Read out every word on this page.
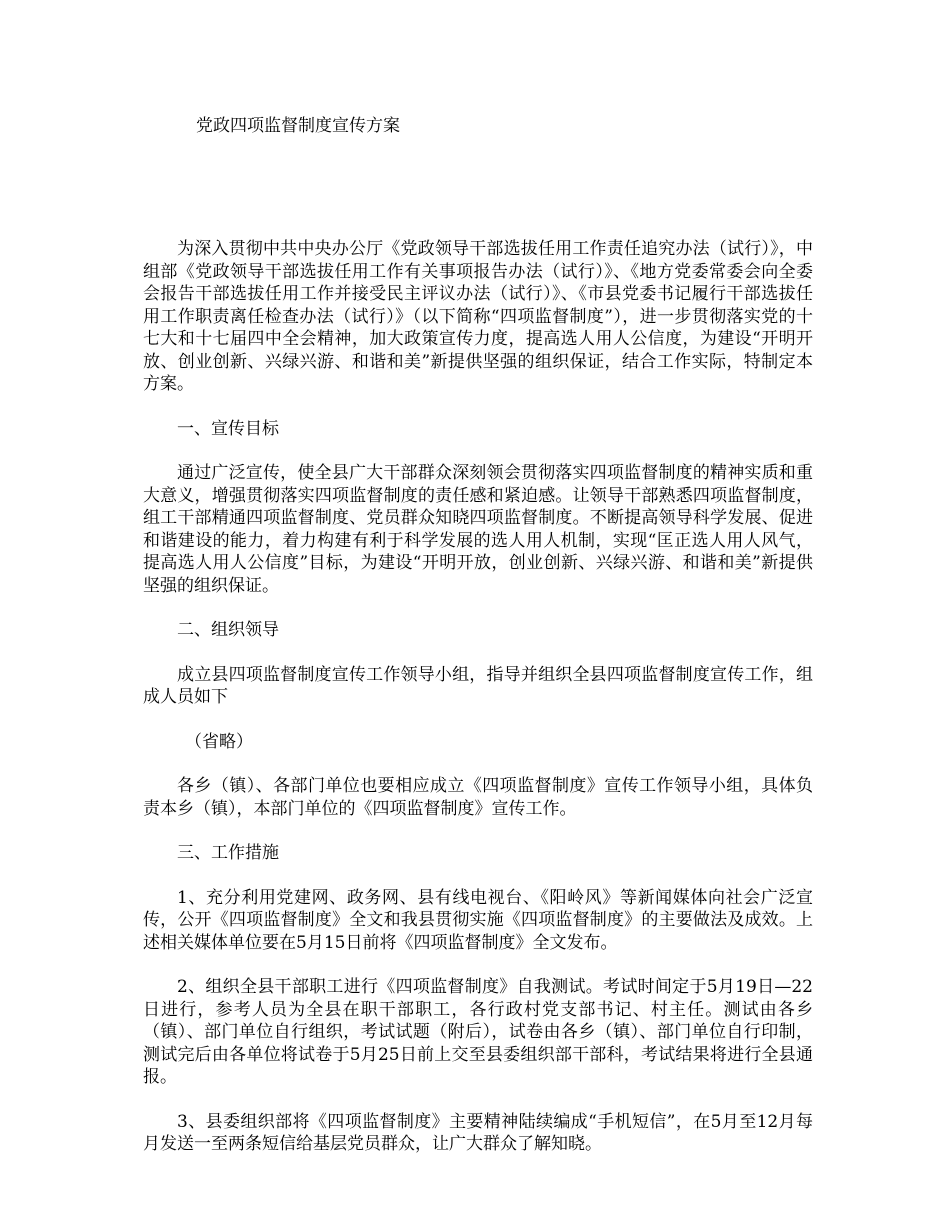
党政四项监督制度宣传方案

为深入贯彻中共中央办公厅《党政领导干部选拔任用工作责任追究办法（试行）》，中组部《党政领导干部选拔任用工作有关事项报告办法（试行）》、《地方党委常委会向全委会报告干部选拔任用工作并接受民主评议办法（试行）》、《市县党委书记履行干部选拔任用工作职责离任检查办法（试行）》（以下简称“四项监督制度”），进一步贯彻落实党的十七大和十七届四中全会精神，加大政策宣传力度，提高选人用人公信度，为建设“开明开放、创业创新、兴绿兴游、和谐和美”新提供坚强的组织保证，结合工作实际，特制定本方案。

一、宣传目标

通过广泛宣传，使全县广大干部群众深刻领会贯彻落实四项监督制度的精神实质和重大意义，增强贯彻落实四项监督制度的责任感和紧迫感。让领导干部熟悉四项监督制度，组工干部精通四项监督制度、党员群众知晓四项监督制度。不断提高领导科学发展、促进和谐建设的能力，着力构建有利于科学发展的选人用人机制，实现“匡正选人用人风气，提高选人用人公信度”目标，为建设“开明开放，创业创新、兴绿兴游、和谐和美”新提供坚强的组织保证。

二、组织领导

成立县四项监督制度宣传工作领导小组，指导并组织全县四项监督制度宣传工作，组成人员如下

（省略）

各乡（镇）、各部门单位也要相应成立《四项监督制度》宣传工作领导小组，具体负责本乡（镇），本部门单位的《四项监督制度》宣传工作。

三、工作措施

1、充分利用党建网、政务网、县有线电视台、《阳岭风》等新闻媒体向社会广泛宣传，公开《四项监督制度》全文和我县贯彻实施《四项监督制度》的主要做法及成效。上述相关媒体单位要在5月15日前将《四项监督制度》全文发布。

2、组织全县干部职工进行《四项监督制度》自我测试。考试时间定于5月19日—22日进行，参考人员为全县在职干部职工，各行政村党支部书记、村主任。测试由各乡（镇）、部门单位自行组织，考试试题（附后），试卷由各乡（镇）、部门单位自行印制，测试完后由各单位将试卷于5月25日前上交至县委组织部干部科，考试结果将进行全县通报。

3、县委组织部将《四项监督制度》主要精神陆续编成“手机短信”，在5月至12月每月发送一至两条短信给基层党员群众，让广大群众了解知晓。
